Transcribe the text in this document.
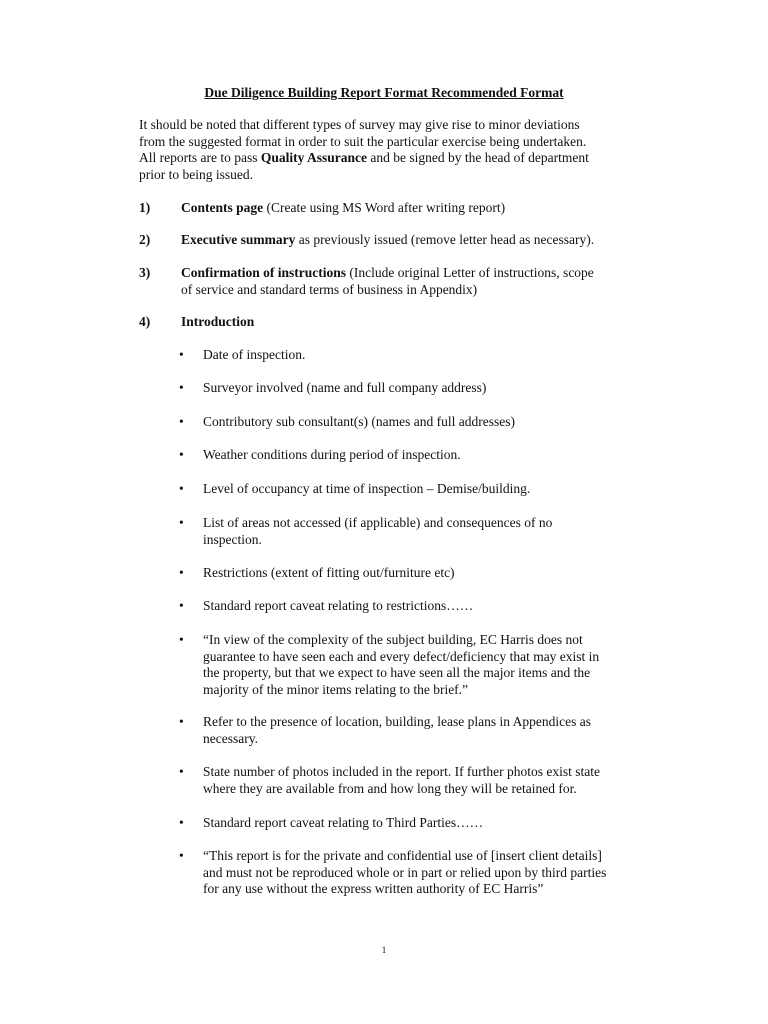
Due Diligence Building Report Format Recommended Format
It should be noted that different types of survey may give rise to minor deviations
from the suggested format in order to suit the particular exercise being undertaken.
All reports are to pass Quality Assurance and be signed by the head of department
prior to being issued.
1) Contents page (Create using MS Word after writing report)
2) Executive summary as previously issued (remove letter head as necessary).
3) Confirmation of instructions (Include original Letter of instructions, scope
of service and standard terms of business in Appendix)
4) Introduction
• Date of inspection.
• Surveyor involved (name and full company address)
• Contributory sub consultant(s) (names and full addresses)
• Weather conditions during period of inspection.
• Level of occupancy at time of inspection – Demise/building.
• List of areas not accessed (if applicable) and consequences of no
inspection.
• Restrictions (extent of fitting out/furniture etc)
• Standard report caveat relating to restrictions……
• “In view of the complexity of the subject building, EC Harris does not
guarantee to have seen each and every defect/deficiency that may exist in
the property, but that we expect to have seen all the major items and the
majority of the minor items relating to the brief.”
• Refer to the presence of location, building, lease plans in Appendices as
necessary.
• State number of photos included in the report. If further photos exist state
where they are available from and how long they will be retained for.
• Standard report caveat relating to Third Parties……
• “This report is for the private and confidential use of [insert client details]
and must not be reproduced whole or in part or relied upon by third parties
for any use without the express written authority of EC Harris”
1
